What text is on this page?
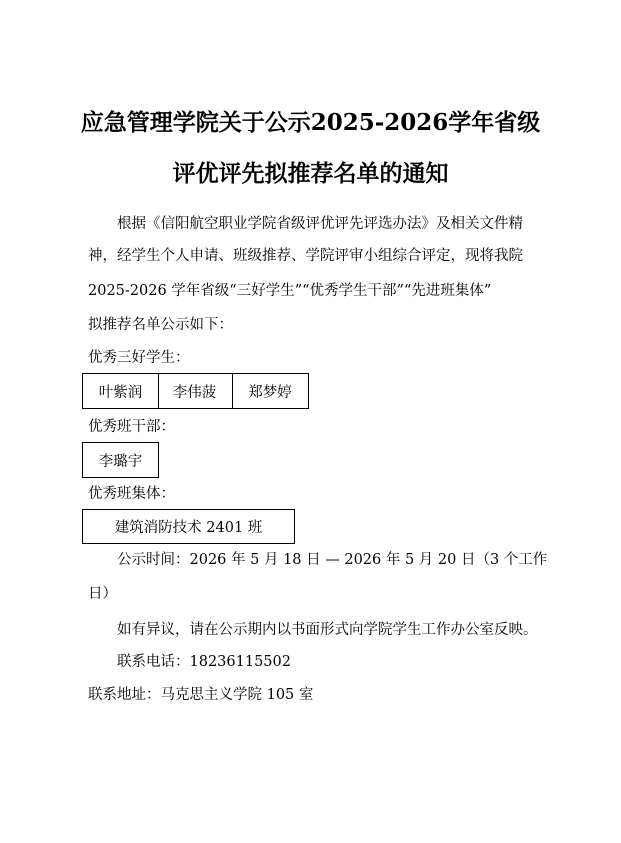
应急管理学院关于公示2025-2026学年省级
评优评先拟推荐名单的通知
根据《信阳航空职业学院省级评优评先评选办法》及相关文件精
神，经学生个人申请、班级推荐、学院评审小组综合评定，现将我院
2025-2026 学年省级“三好学生”“优秀学生干部”“先进班集体”
拟推荐名单公示如下：
优秀三好学生：
叶紫润	李伟菠	郑梦婷
优秀班干部：
李璐宇
优秀班集体：
建筑消防技术 2401 班
公示时间：2026 年 5 月 18 日 — 2026 年 5 月 20 日（3 个工作
日）
如有异议，请在公示期内以书面形式向学院学生工作办公室反映。
联系电话：18236115502
联系地址：马克思主义学院 105 室
